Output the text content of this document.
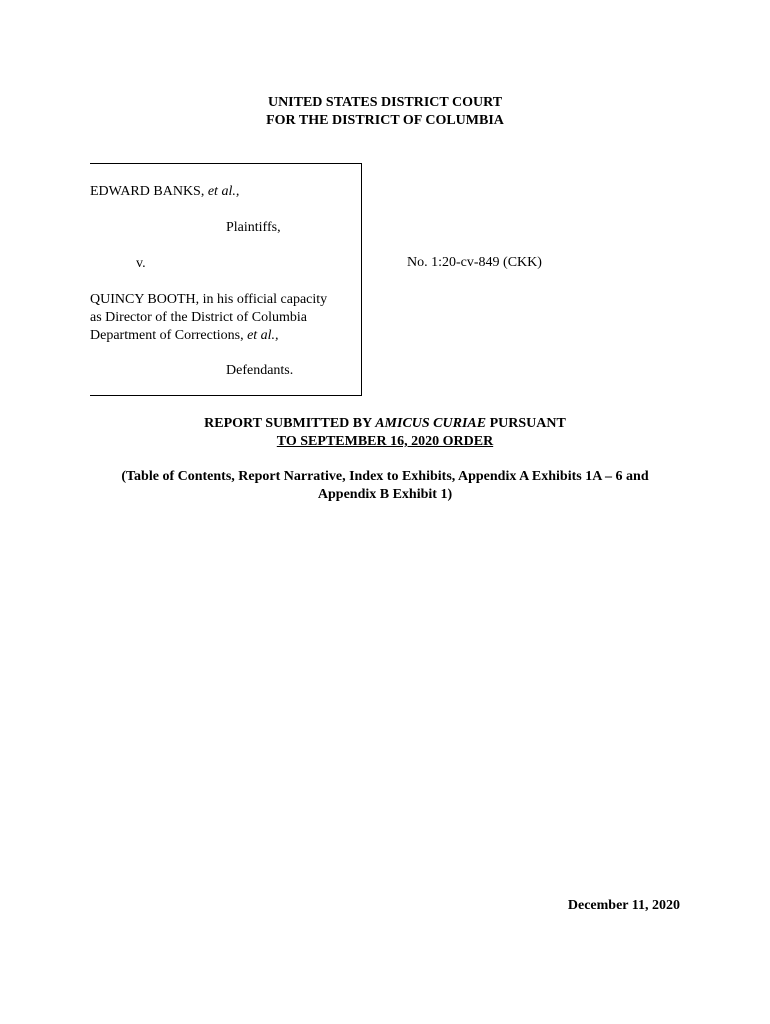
UNITED STATES DISTRICT COURT
FOR THE DISTRICT OF COLUMBIA
EDWARD BANKS, et al.,
Plaintiffs,
v.
QUINCY BOOTH, in his official capacity
as Director of the District of Columbia
Department of Corrections, et al.,
Defendants.
No. 1:20-cv-849 (CKK)
REPORT SUBMITTED BY AMICUS CURIAE PURSUANT
TO SEPTEMBER 16, 2020 ORDER
(Table of Contents, Report Narrative, Index to Exhibits, Appendix A Exhibits 1A – 6 and
Appendix B Exhibit 1)
December 11, 2020
